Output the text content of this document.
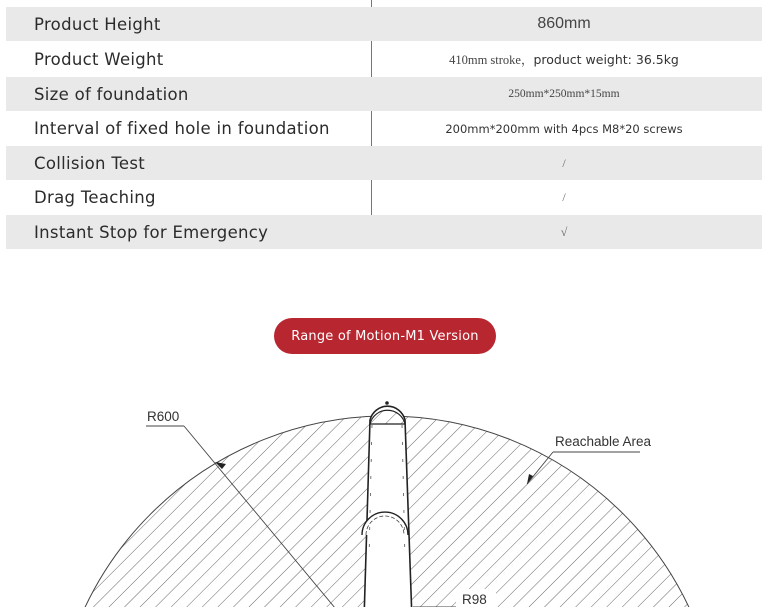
Product Height	860mm
Product Weight	410mm stroke，product weight: 36.5kg
Size of foundation	250mm*250mm*15mm
Interval of fixed hole in foundation	200mm*200mm with 4pcs M8*20 screws
Collision Test	/
Drag Teaching	/
Instant Stop for Emergency	√
Range of Motion-M1 Version
R600
Reachable Area
R98
